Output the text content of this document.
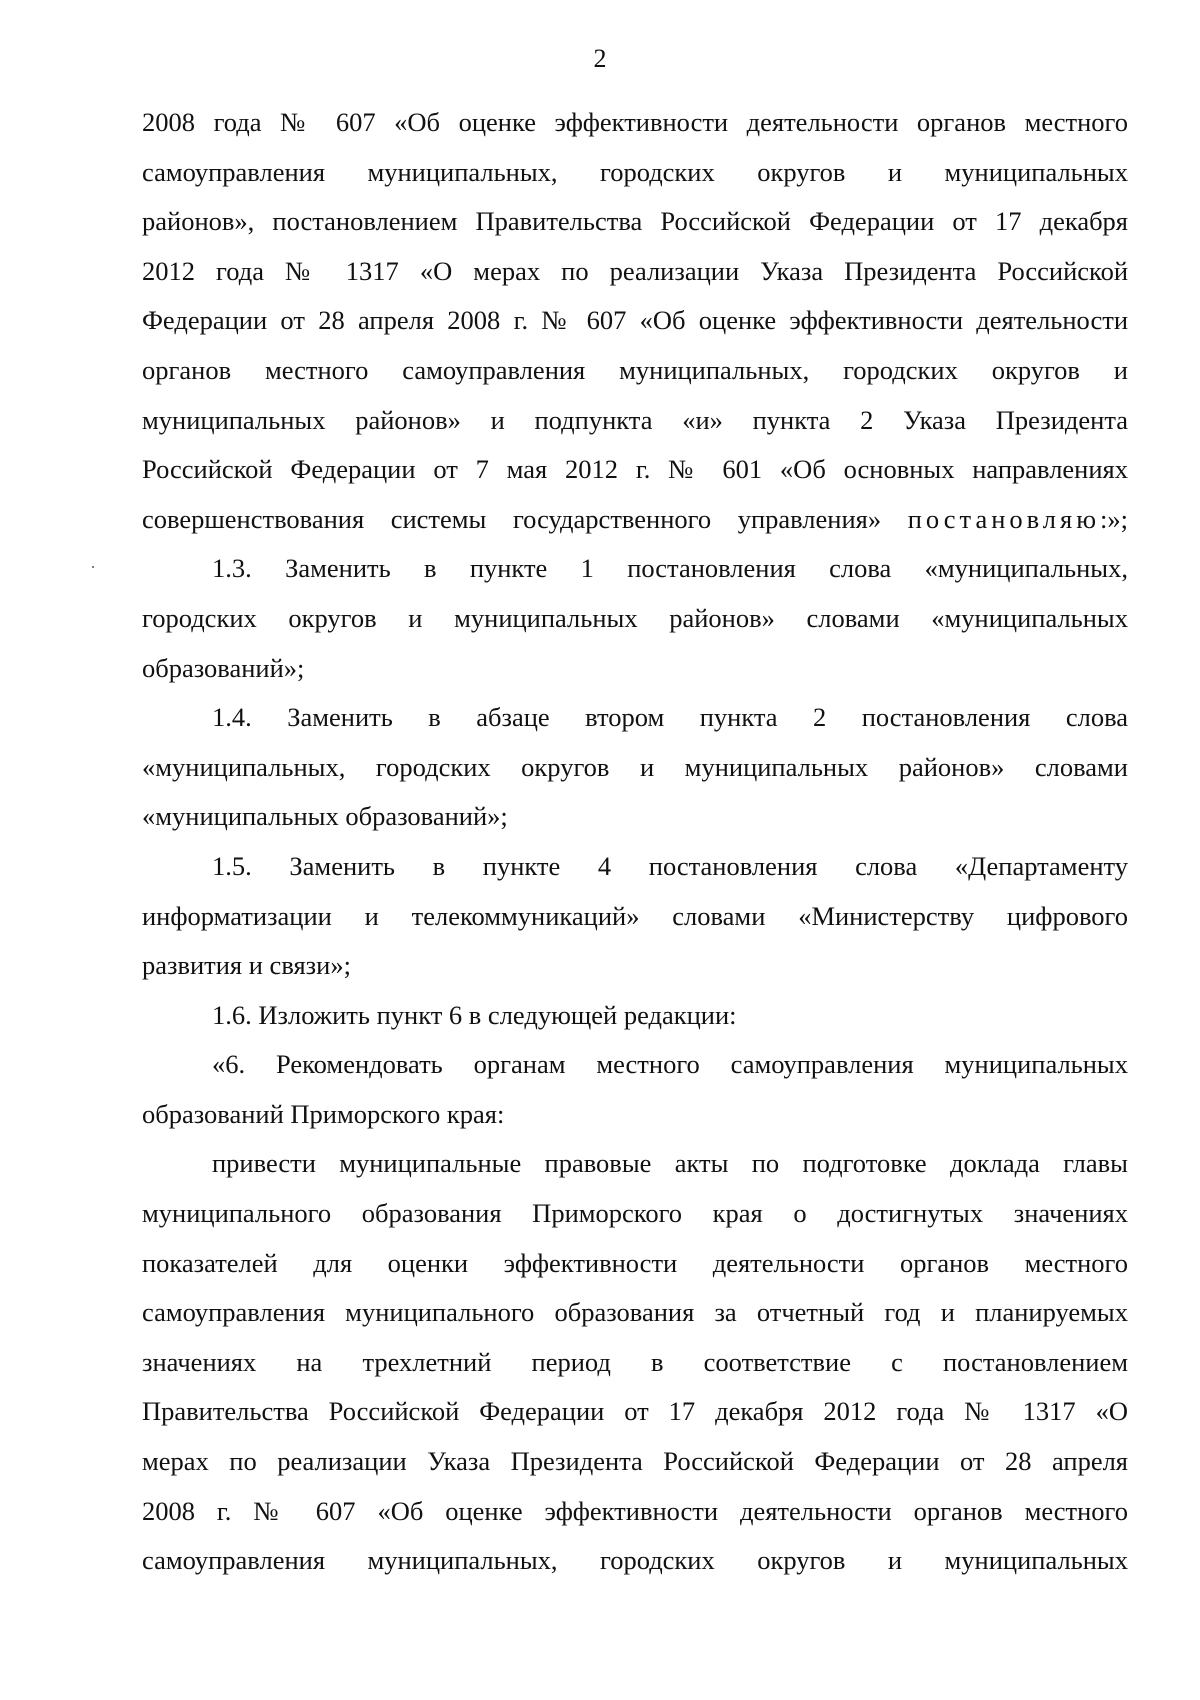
2
2008 года № 607 «Об оценке эффективности деятельности органов местного
самоуправления муниципальных, городских округов и муниципальных
районов», постановлением Правительства Российской Федерации от 17 декабря
2012 года № 1317 «О мерах по реализации Указа Президента Российской
Федерации от 28 апреля 2008 г. № 607 «Об оценке эффективности деятельности
органов местного самоуправления муниципальных, городских округов и
муниципальных районов» и подпункта «и» пункта 2 Указа Президента
Российской Федерации от 7 мая 2012 г. № 601 «Об основных направлениях
совершенствования системы государственного управления» постановляю:»;
1.3. Заменить в пункте 1 постановления слова «муниципальных,
городских округов и муниципальных районов» словами «муниципальных
образований»;
1.4. Заменить в абзаце втором пункта 2 постановления слова
«муниципальных, городских округов и муниципальных районов» словами
«муниципальных образований»;
1.5. Заменить в пункте 4 постановления слова «Департаменту
информатизации и телекоммуникаций» словами «Министерству цифрового
развития и связи»;
1.6. Изложить пункт 6 в следующей редакции:
«6. Рекомендовать органам местного самоуправления муниципальных
образований Приморского края:
привести муниципальные правовые акты по подготовке доклада главы
муниципального образования Приморского края о достигнутых значениях
показателей для оценки эффективности деятельности органов местного
самоуправления муниципального образования за отчетный год и планируемых
значениях на трехлетний период в соответствие с постановлением
Правительства Российской Федерации от 17 декабря 2012 года № 1317 «О
мерах по реализации Указа Президента Российской Федерации от 28 апреля
2008 г. № 607 «Об оценке эффективности деятельности органов местного
самоуправления муниципальных, городских округов и муниципальных
